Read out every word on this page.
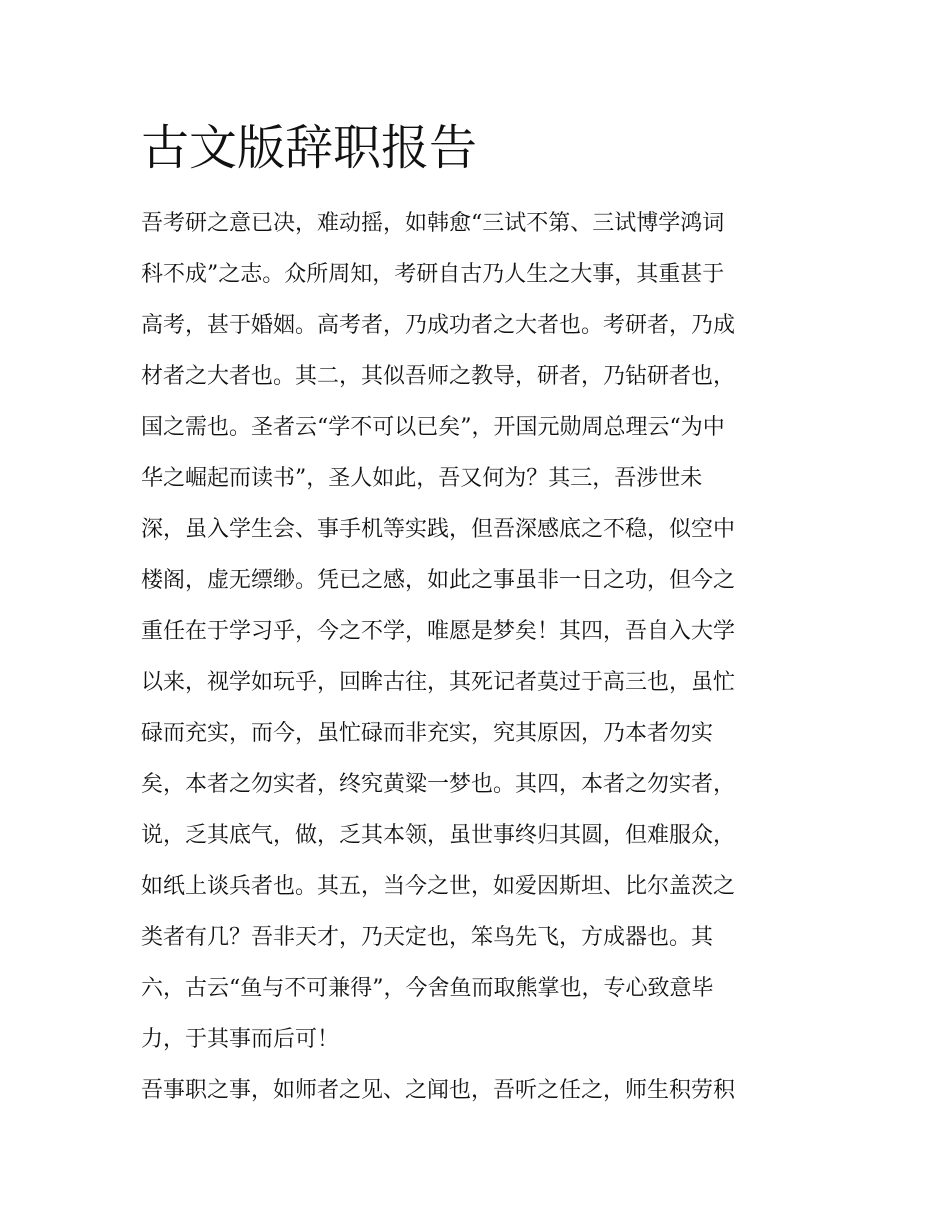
古文版辞职报告
吾考研之意已决，难动摇，如韩愈“三试不第、三试博学鸿词
科不成”之志。众所周知，考研自古乃人生之大事，其重甚于
高考，甚于婚姻。高考者，乃成功者之大者也。考研者，乃成
材者之大者也。其二，其似吾师之教导，研者，乃钻研者也，
国之需也。圣者云“学不可以已矣”，开国元勋周总理云“为中
华之崛起而读书”，圣人如此，吾又何为？其三，吾涉世未
深，虽入学生会、事手机等实践，但吾深感底之不稳，似空中
楼阁，虚无缥缈。凭已之感，如此之事虽非一日之功，但今之
重任在于学习乎，今之不学，唯愿是梦矣！其四，吾自入大学
以来，视学如玩乎，回眸古往，其死记者莫过于高三也，虽忙
碌而充实，而今，虽忙碌而非充实，究其原因，乃本者勿实
矣，本者之勿实者，终究黄粱一梦也。其四，本者之勿实者，
说，乏其底气，做，乏其本领，虽世事终归其圆，但难服众，
如纸上谈兵者也。其五，当今之世，如爱因斯坦、比尔盖茨之
类者有几？吾非天才，乃天定也，笨鸟先飞，方成器也。其
六，古云“鱼与不可兼得”，今舍鱼而取熊掌也，专心致意毕
力，于其事而后可！
吾事职之事，如师者之见、之闻也，吾听之任之，师生积劳积
